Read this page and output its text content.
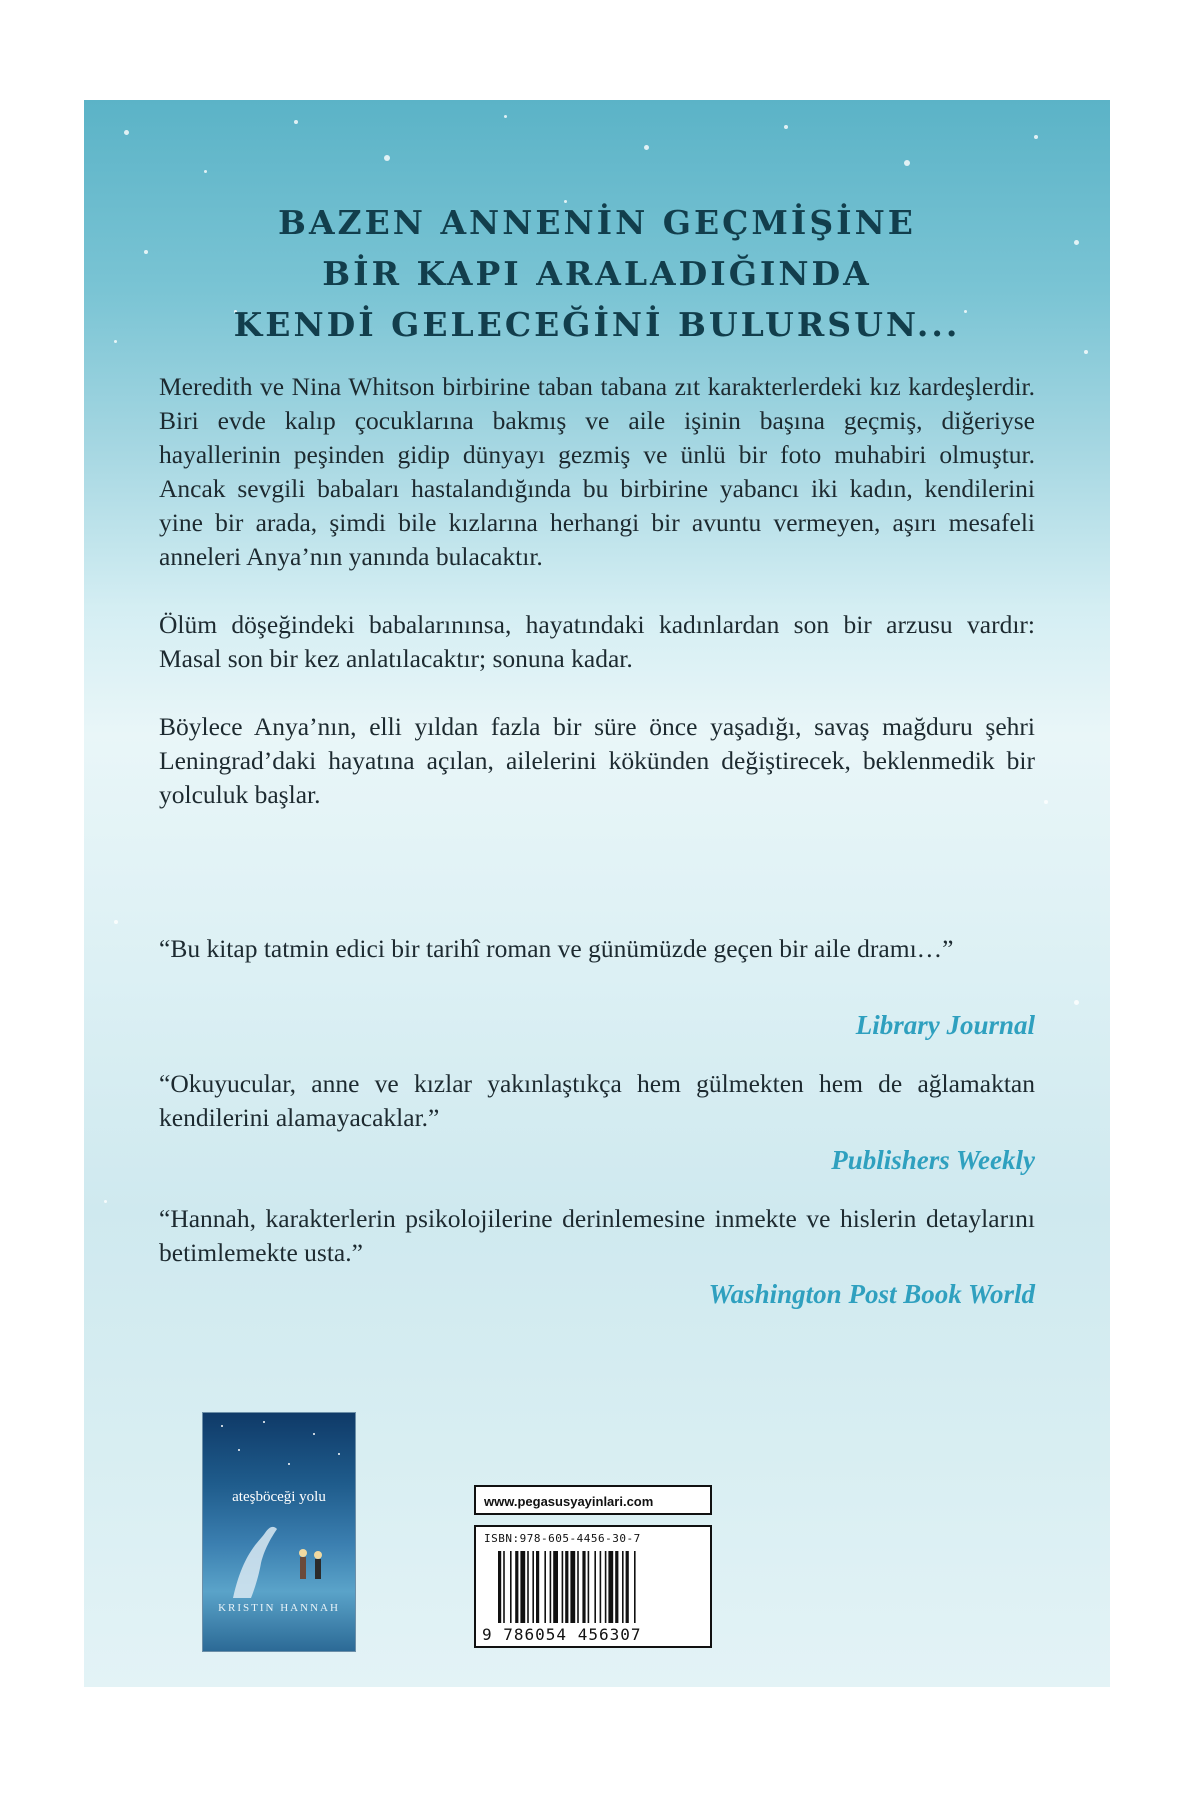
BAZEN ANNENİN GEÇMİŞİNE
BİR KAPI ARALADIĞINDA
KENDİ GELECEĞİNİ BULURSUN...

Meredith ve Nina Whitson birbirine taban tabana zıt karakterlerdeki kız kardeşlerdir. Biri evde kalıp çocuklarına bakmış ve aile işinin başına geçmiş, diğeriyse hayallerinin peşinden gidip dünyayı gezmiş ve ünlü bir foto muhabiri olmuştur. Ancak sevgili babaları hastalandığında bu birbirine yabancı iki kadın, kendilerini yine bir arada, şimdi bile kızlarına herhangi bir avuntu vermeyen, aşırı mesafeli anneleri Anya’nın yanında bulacaktır.

Ölüm döşeğindeki babalarınınsa, hayatındaki kadınlardan son bir arzusu vardır: Masal son bir kez anlatılacaktır; sonuna kadar.

Böylece Anya’nın, elli yıldan fazla bir süre önce yaşadığı, savaş mağduru şehri Leningrad’daki hayatına açılan, ailelerini kökünden değiştirecek, beklenmedik bir yolculuk başlar.

“Bu kitap tatmin edici bir tarihî roman ve günümüzde geçen bir aile dramı…”
Library Journal
“Okuyucular, anne ve kızlar yakınlaştıkça hem gülmekten hem de ağlamaktan kendilerini alamayacaklar.”
Publishers Weekly
“Hannah, karakterlerin psikolojilerine derinlemesine inmekte ve hislerin detaylarını betimlemekte usta.”
Washington Post Book World
ateşböceği yolu
KRISTIN HANNAH
www.pegasusyayinlari.com
ISBN:978-605-4456-30-7
9 786054 456307
